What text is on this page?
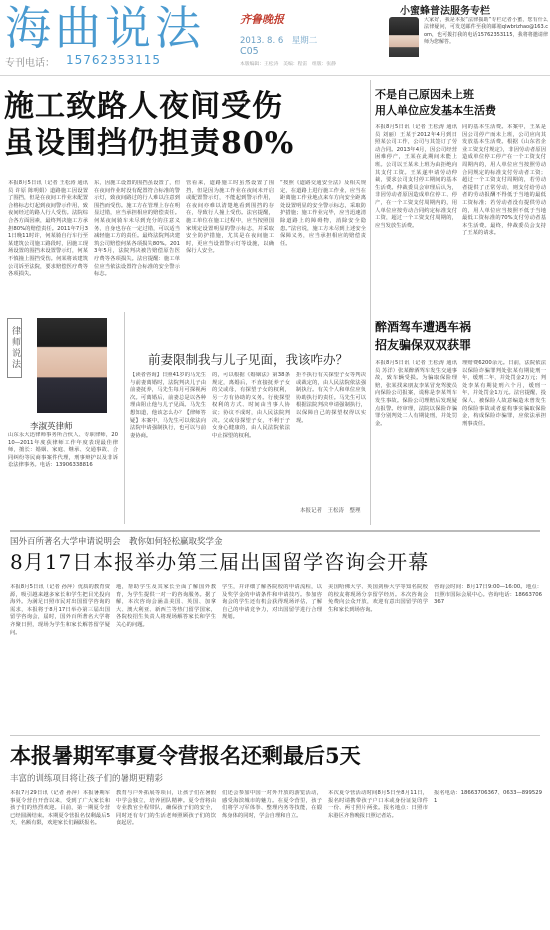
海曲说法
专刊电话： 15762353115
齐鲁晚报
2013. 8. 6　星期二
C05
本版编辑：王松涛　美编：程雷　组版：张静
小蜜蜂普法服务专栏
大家好，我是本报“法律援助”专栏记者小蜜，您有什么法律疑问，可发送邮件至我的邮箱qlwbrizhao@163.com，也可拨打我的电话15762353115，我将将邀请律师为您解答。
施工致路人夜间受伤
虽设围挡仍担责80%
本报8月5日讯（记者 王松涛 通讯员 许原 陈明娟）道路施工因设置了围挡，但是在夜间工作业未配置合格标志灯起到夜间警示作用，致夜间经过的路人行人受伤。法院综合各方面因素，最终判决施工方承担80%的赔偿责任。2011年7月31日晚11时许，何某骑自行车行至某建筑公司施工路段时，因施工现场设置的围挡未设置警示灯，何某不慎撞上围挡受伤。何某将该建筑公司诉至法院，要求赔偿医疗费等各项损失。
东，因施工设置的围挡虽设置了，但在夜间作业时没有配置符合标准的警示灯，致夜间路过的行人难以注意到围挡而受伤。施工方在管理上存在明显过错，应当承担相应的赔偿责任。何某夜间骑车未尽到充分的注意义务，自身也存在一定过错，可以适当减轻施工方的责任。最终法院判决建筑公司赔偿何某各项损失80%。2013年5月，法院判决被告赔偿原告医疗费等各项损失。法官提醒：施工单位应当依法设置符合标准的安全警示标志。
管看来，道路施工时虽然设置了围挡，但是因为施工作业在夜间未开启或配置警示灯，不能起到警示作用，在夜间亦难以清楚地看到围挡的存在，导致行人撞上受伤。法官提醒，施工单位在施工过程中，应当按照国家规定设置明显的警示标志，并采取安全防护措施，尤其是在夜间施工时，更应当设置警示灯等设施，以确保行人安全。
“按照《道路交通安全法》及相关规定，在道路上进行施工作业，应当在距离施工作业地点来车方向安全距离处设置明显的安全警示标志，采取防护措施；施工作业完毕，应当迅速清除道路上的障碍物，消除安全隐患。”法官说，施工方未尽到上述安全保障义务，应当承担相应的赔偿责任。
不是自己原因未上班
用人单位应发基本生活费
本报8月5日讯（记者 王松涛 通讯员 刘丽）王某于2012年4月到日照某公司工作，公司与其签订了劳动合同。2013年4月，因公司经营困难停产，王某在此期间未能上班。公司以王某未上班为由拒绝向其支付工资。王某遂申请劳动仲裁，要求公司支付停工期间的基本生活费。仲裁委员会审理后认为，非因劳动者原因造成单位停工、停产，在一个工资支付周期内的，用人单位应按劳动合同约定标准支付工资，超过一个工资支付周期的，应当发放生活费。
同的基本生活费。本案中，王某是因公司停产而未上班，公司应向其发放基本生活费。根据《山东省企业工资支付规定》，非因劳动者原因造成单位停工停产在一个工资支付周期内的，用人单位应当按照劳动合同规定的标准支付劳动者工资；超过一个工资支付周期的，若劳动者提供了正常劳动，则支付给劳动者的劳动报酬不得低于当地的最低工资标准；若劳动者没有提供劳动的，用人单位应当按照不低于当地最低工资标准的70%支付劳动者基本生活费。最终，仲裁委员会支持了王某的请求。
醉酒驾车遭遇车祸
招友骗保双双获罪
本报8月5日讯（记者 王松涛 通讯员 苏洋）张某醉酒驾车发生交通事故，致车辆受损。为骗取保险理赔，张某找来朋友李某冒充驾驶员向保险公司报案，谎称是李某驾车发生事故。保险公司理赔后发现疑点报警。经审理，法院以保险诈骗罪分别判处二人有期徒刑，并处罚金。
理赔费6200余元。日前，法院依法以保险诈骗罪判处张某有期徒刑一年，缓刑二年，并处罚金2万元；判处李某有期徒刑六个月，缓刑一年，并处罚金1万元。法官提醒，投保人、被保险人故意编造未曾发生的保险事故或者虚构事实骗取保险金，构成保险诈骗罪，应依法承担刑事责任。
律师说法
李淑英律师
山东永大迅律师事务所合伙人、专职律师，2010—2011年度获律师工作年度表现最佳律师，擅长：婚姻、家庭、继承、交通事故、合同纠纷等民商事案件代理，刑事辩护以及非诉讼法律事务。电话：13906338816
前妻限制我与儿子见面，我该咋办？
【读者咨询】日照41岁的马先生与前妻离婚时，法院判决儿子由前妻抚养，马先生每月可探视两次。可离婚后，前妻总是以各种理由阻止他与儿子见面。马先生想知道，他该怎么办？【律师答疑】本案中，马先生可以依法向法院申请强制执行，也可以与前妻协商。
的，可以根据《婚姻法》第38条规定，离婚后，不直接抚养子女的父或母，有探望子女的权利，另一方有协助的义务。行使探望权利的方式、时间由当事人协议；协议不成时，由人民法院判决。父或母探望子女，不利于子女身心健康的，由人民法院依法中止探望的权利。
拒不执行有关探望子女等判决或裁定的，由人民法院依法强制执行。有关个人和单位应负协助执行的责任。马先生可以根据法院判决申请强制执行，以保障自己的探望权得以实现。
本报记者　王松涛　整理
国外百所著名大学申请说明会　教你如何轻松赢取奖学金
8月17日本报举办第三届出国留学咨询会开幕
本报8月5日讯（记者 孙萍）优质的教育资源，吸引越来越多家长和学生把目光投向海外。为满足日照市民对出国留学咨询的需求，本报将于8月17日举办第三届出国留学咨询会，届时，国外百所著名大学将齐聚日照，现场为学生和家长解答留学疑问。
地，帮助学生及其家长全面了解国外教育，为学生提供一对一的咨询服务。据了解，本次咨询会涵盖美国、英国、加拿大、澳大利亚、新西兰等热门留学国家，各院校招生负责人将现场解答家长和学生关心的问题。
学生，并详细了解各院校的申请流程，以及奖学金的申请条件和申请技巧。参加咨询会的学生还有机会获得现场评估，了解自己的申请竞争力，对出国留学进行合理规划。
美国哈佛大学、英国剑桥大学等知名院校的校友将现场分享留学经历。本次咨询会免费向公众开放，欢迎有意出国留学的学生和家长到场咨询。
咨询会时间：8月17日9:00—16:00。地点：日照市国际会展中心。咨询电话：18663706367
本报暑期军事夏令营报名还剩最后5天
丰富的训练项目将让孩子们的暑期更精彩
本报7月29日讯（记者 孙萍）本报暑期军事夏令营自开营以来，受到了广大家长和孩子们的热烈欢迎。目前，第一期夏令营已经圆满结束。本期夏令营报名仅剩最后5天，名额有限，欢迎家长们踊跃报名。
教育与户外拓展等项目，让孩子们在暑假中学会独立，培养团队精神。夏令营将由专业教官全程带队，确保孩子们的安全，同时还有专门的生活老师照顾孩子们的饮食起居。
们还会参加中国一对外开放的游览活动，感受海滨城市的魅力。在夏令营里，孩子们将学习军体拳、整理内务等技能，在锻炼身体的同时，学会自理和自立。
本次夏令营活动时间8月5日至8月11日，报名时请携带孩子户口本或身份证复印件一份、两寸照片两张。报名地点：日照市东港区齐鲁晚报日照记者站。
报名电话：18663706367、0633—8995291
